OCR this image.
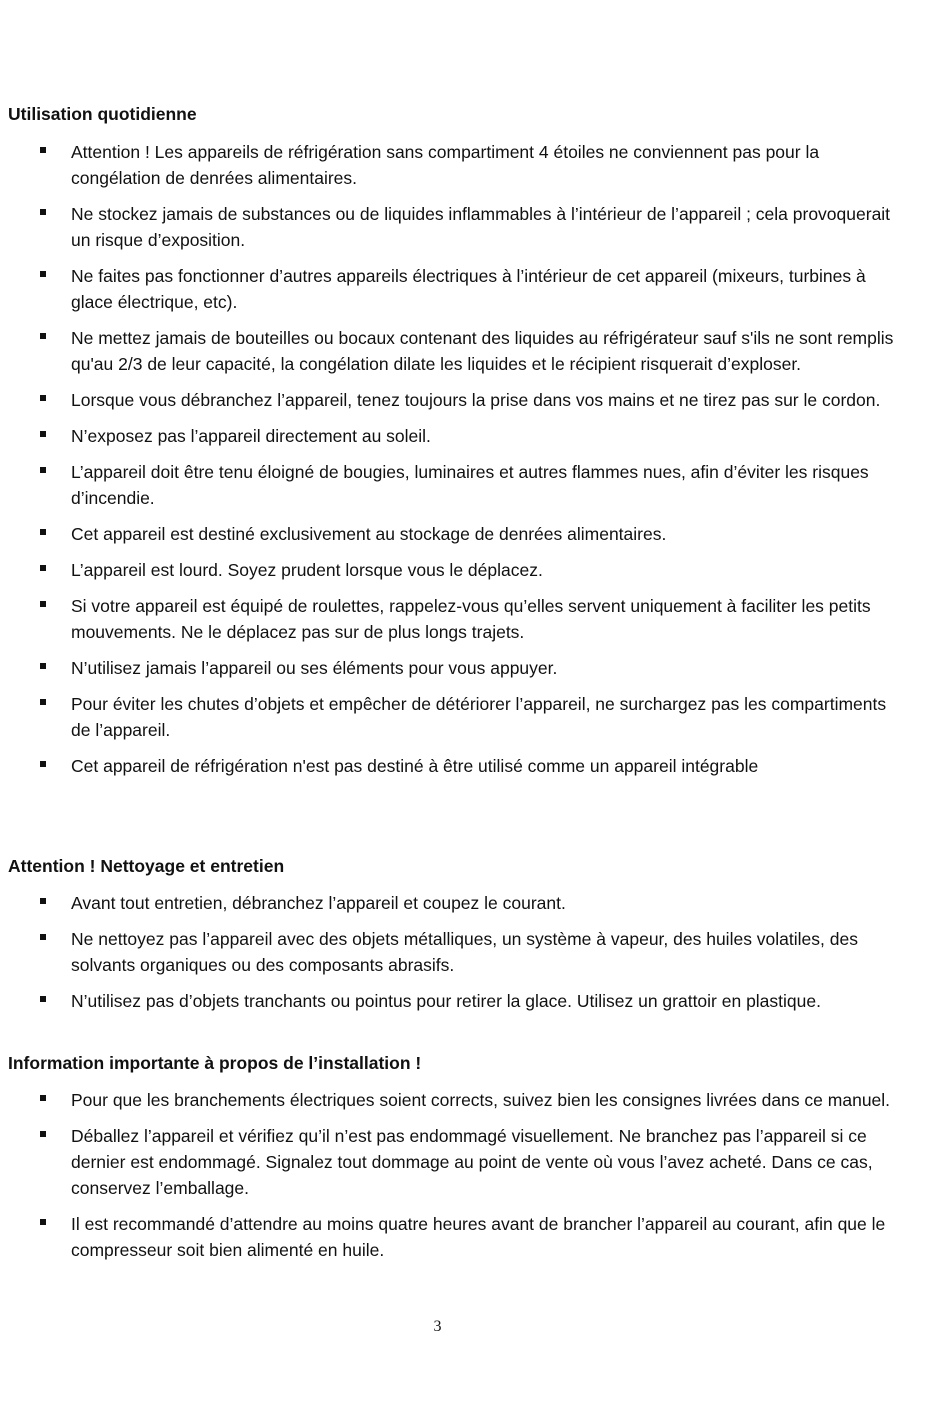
Utilisation quotidienne
Attention ! Les appareils de réfrigération sans compartiment 4 étoiles ne conviennent pas pour la congélation de denrées alimentaires.
Ne stockez jamais de substances ou de liquides inflammables à l’intérieur de l’appareil ; cela provoquerait un risque d’exposition.
Ne faites pas fonctionner d’autres appareils électriques à l’intérieur de cet appareil (mixeurs, turbines à glace électrique, etc).
Ne mettez jamais de bouteilles ou bocaux contenant des liquides au réfrigérateur sauf s'ils ne sont remplis qu'au 2/3 de leur capacité, la congélation dilate les liquides et le récipient risquerait d’exploser.
Lorsque vous débranchez l’appareil, tenez toujours la prise dans vos mains et ne tirez pas sur le cordon.
N’exposez pas l’appareil directement au soleil.
L’appareil doit être tenu éloigné de bougies, luminaires et autres flammes nues, afin d’éviter les risques d’incendie.
Cet appareil est destiné exclusivement au stockage de denrées alimentaires.
L’appareil est lourd. Soyez prudent lorsque vous le déplacez.
Si votre appareil est équipé de roulettes, rappelez-vous qu’elles servent uniquement à faciliter les petits mouvements. Ne le déplacez pas sur de plus longs trajets.
N’utilisez jamais l’appareil ou ses éléments pour vous appuyer.
Pour éviter les chutes d’objets et empêcher de détériorer l’appareil, ne surchargez pas les compartiments de l’appareil.
Cet appareil de réfrigération n'est pas destiné à être utilisé comme un appareil intégrable
Attention ! Nettoyage et entretien
Avant tout entretien, débranchez l’appareil et coupez le courant.
Ne nettoyez pas l’appareil avec des objets métalliques, un système à vapeur, des huiles volatiles, des solvants organiques ou des composants abrasifs.
N’utilisez pas d’objets tranchants ou pointus pour retirer la glace. Utilisez un grattoir en plastique.
Information importante à propos de l’installation !
Pour que les branchements électriques soient corrects, suivez bien les consignes livrées dans ce manuel.
Déballez l’appareil et vérifiez qu’il n’est pas endommagé visuellement. Ne branchez pas l’appareil si ce dernier est endommagé. Signalez tout dommage au point de vente où vous l’avez acheté. Dans ce cas, conservez l’emballage.
Il est recommandé d’attendre au moins quatre heures avant de brancher l’appareil au courant, afin que le compresseur soit bien alimenté en huile.
3
